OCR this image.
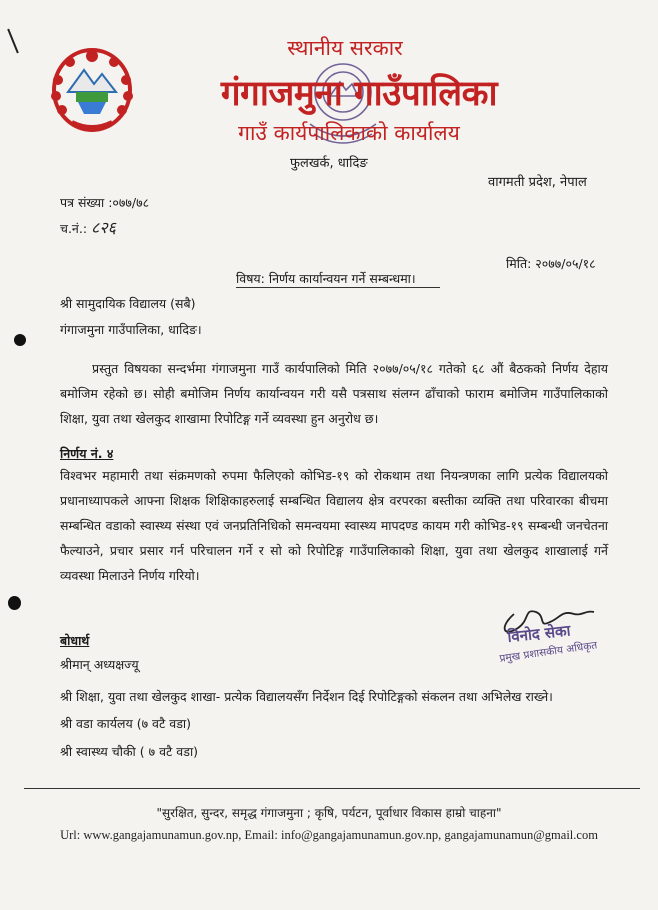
स्थानीय सरकार
गंगाजमुना गाउँपालिका
गाउँ कार्यपालिकाको कार्यालय
फुलखर्क, धादिङ
वागमती प्रदेश, नेपाल
पत्र संख्या :०७७/७८
च.नं.: ८२६
मिति: २०७७/०५/१८
विषय: निर्णय कार्यान्वयन गर्ने सम्बन्धमा।
श्री सामुदायिक विद्यालय (सबै)
गंगाजमुना गाउँपालिका, धादिङ।
प्रस्तुत विषयका सन्दर्भमा गंगाजमुना गाउँ कार्यपालिको मिति २०७७/०५/१८ गतेको ६८ औं बैठकको निर्णय देहाय बमोजिम रहेको छ। सोही बमोजिम निर्णय कार्यान्वयन गरी यसै पत्रसाथ संलग्न ढाँचाको फाराम बमोजिम गाउँपालिकाको शिक्षा, युवा तथा खेलकुद शाखामा रिपोटिङ्ग गर्ने व्यवस्था हुन अनुरोध छ।
निर्णय नं. ४
विश्वभर महामारी तथा संक्रमणको रुपमा फैलिएको कोभिड-१९ को रोकथाम तथा नियन्त्रणका लागि प्रत्येक विद्यालयको प्रधानाध्यापकले आफ्ना शिक्षक शिक्षिकाहरुलाई सम्बन्धित विद्यालय क्षेत्र वरपरका बस्तीका व्यक्ति तथा परिवारका बीचमा सम्बन्धित वडाको स्वास्थ्य संस्था एवं जनप्रतिनिधिको समन्वयमा स्वास्थ्य मापदण्ड कायम गरी कोभिड-१९ सम्बन्धी जनचेतना फैल्याउने, प्रचार प्रसार गर्न परिचालन गर्ने र सो को रिपोटिङ्ग गाउँपालिकाको शिक्षा, युवा तथा खेलकुद शाखालाई गर्ने व्यवस्था मिलाउने निर्णय गरियो।
विनोद सेका
प्रमुख प्रशासकीय अधिकृत
बोधार्थ
श्रीमान् अध्यक्षज्यू
श्री शिक्षा, युवा तथा खेलकुद शाखा- प्रत्येक विद्यालयसँग निर्देशन दिई रिपोटिङ्गको संकलन तथा अभिलेख राख्ने।
श्री वडा कार्यलय (७ वटै वडा)
श्री स्वास्थ्य चौकी ( ७ वटै वडा)
"सुरक्षित, सुन्दर, समृद्ध गंगाजमुना ; कृषि, पर्यटन, पूर्वाधार विकास हाम्रो चाहना"
Url: www.gangajamunamun.gov.np, Email: info@gangajamunamun.gov.np, gangajamunamun@gmail.com
